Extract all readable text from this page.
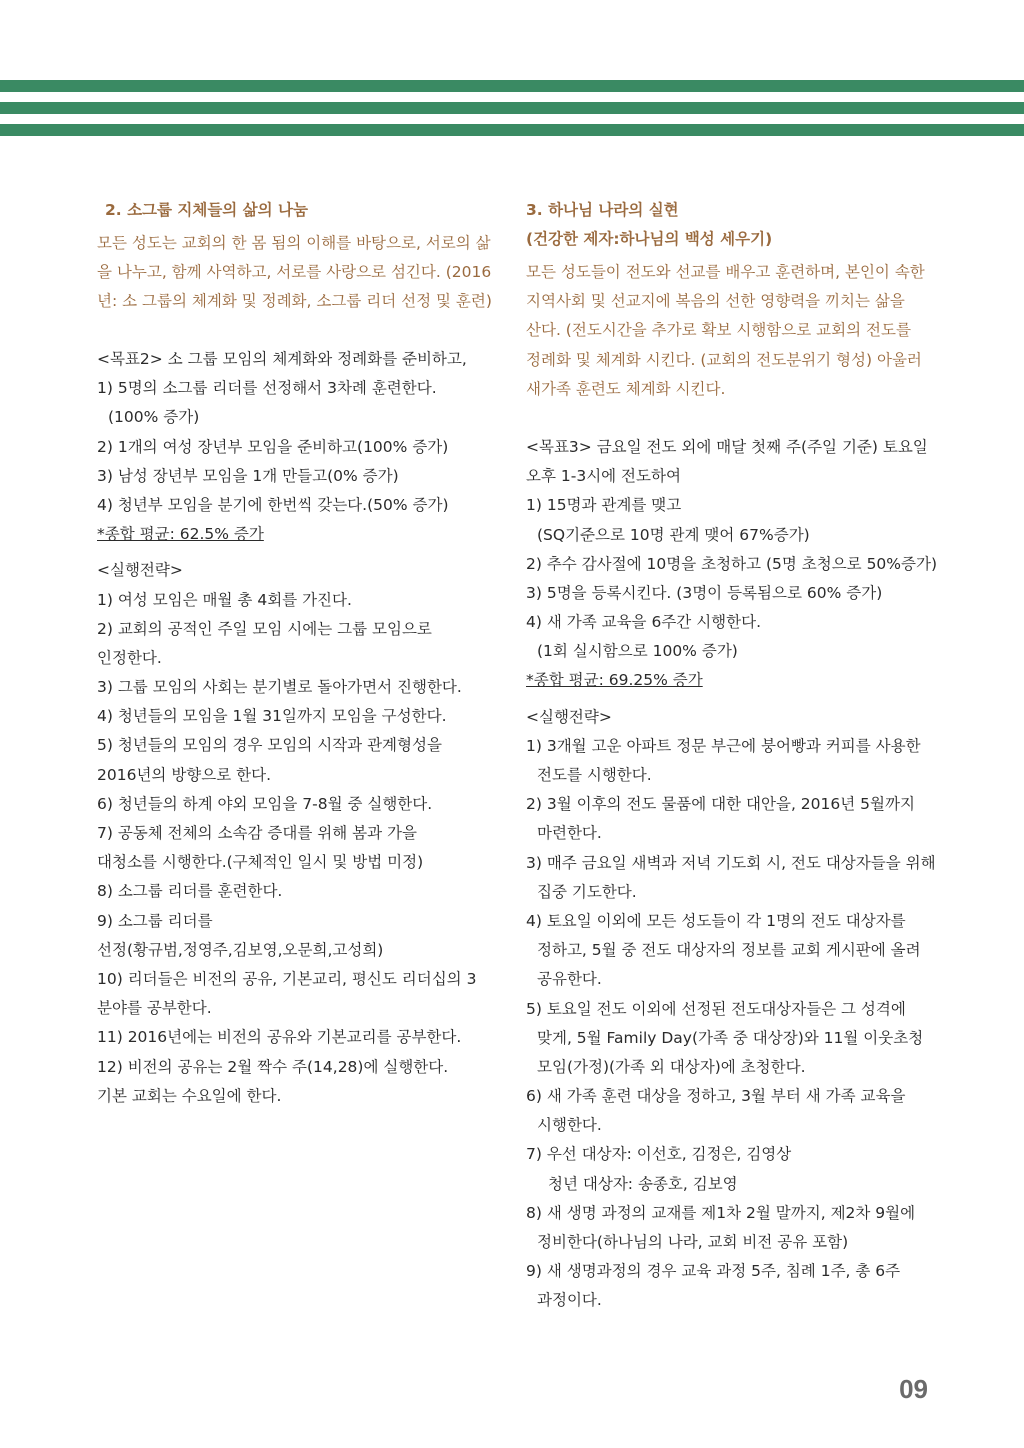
2. 소그룹 지체들의 삶의 나눔

모든 성도는 교회의 한 몸 됨의 이해를 바탕으로, 서로의 삶을 나누고, 함께 사역하고, 서로를 사랑으로 섬긴다. (2016년: 소 그룹의 체계화 및 정례화, 소그룹 리더 선정 및 훈련)

<목표2> 소 그룹 모임의 체계화와 정례화를 준비하고,
1) 5명의 소그룹 리더를 선정해서 3차례 훈련한다.
(100% 증가)
2) 1개의 여성 장년부 모임을 준비하고(100% 증가)
3) 남성 장년부 모임을 1개 만들고(0% 증가)
4) 청년부 모임을 분기에 한번씩 갖는다.(50% 증가)
*종합 평균: 62.5% 증가
<실행전략>
1) 여성 모임은 매월 총 4회를 가진다.
2) 교회의 공적인 주일 모임 시에는 그룹 모임으로
인정한다.
3) 그룹 모임의 사회는 분기별로 돌아가면서 진행한다.
4) 청년들의 모임을 1월 31일까지 모임을 구성한다.
5) 청년들의 모임의 경우 모임의 시작과 관계형성을
2016년의 방향으로 한다.
6) 청년들의 하계 야외 모임을 7-8월 중 실행한다.
7) 공동체 전체의 소속감 증대를 위해 봄과 가을
대청소를 시행한다.(구체적인 일시 및 방법 미정)
8) 소그룹 리더를 훈련한다.
9) 소그룹 리더를
선정(황규범,정영주,김보영,오문희,고성희)
10) 리더들은 비전의 공유, 기본교리, 평신도 리더십의 3
분야를 공부한다.
11) 2016년에는 비전의 공유와 기본교리를 공부한다.
12) 비전의 공유는 2월 짝수 주(14,28)에 실행한다.
기본 교회는 수요일에 한다.
3. 하나님 나라의 실현
(건강한 제자:하나님의 백성 세우기)
모든 성도들이 전도와 선교를 배우고 훈련하며, 본인이 속한
지역사회 및 선교지에 복음의 선한 영향력을 끼치는 삶을
산다. (전도시간을 추가로 확보 시행함으로 교회의 전도를
정례화 및 체계화 시킨다. (교회의 전도분위기 형성) 아울러
새가족 훈련도 체계화 시킨다.
<목표3> 금요일 전도 외에 매달 첫째 주(주일 기준) 토요일
오후 1-3시에 전도하여
1) 15명과 관계를 맺고
(SQ기준으로 10명 관계 맺어 67%증가)
2) 추수 감사절에 10명을 초청하고 (5명 초청으로 50%증가)
3) 5명을 등록시킨다. (3명이 등록됨으로 60% 증가)
4) 새 가족 교육을 6주간 시행한다.
(1회 실시함으로 100% 증가)
*종합 평균: 69.25% 증가
<실행전략>
1) 3개월 고운 아파트 정문 부근에 붕어빵과 커피를 사용한
전도를 시행한다.
2) 3월 이후의 전도 물품에 대한 대안을, 2016년 5월까지
마련한다.
3) 매주 금요일 새벽과 저녁 기도회 시, 전도 대상자들을 위해
집중 기도한다.
4) 토요일 이외에 모든 성도들이 각 1명의 전도 대상자를
정하고, 5월 중 전도 대상자의 정보를 교회 게시판에 올려
공유한다.
5) 토요일 전도 이외에 선정된 전도대상자들은 그 성격에
맞게, 5월 Family Day(가족 중 대상장)와 11월 이웃초청
모임(가정)(가족 외 대상자)에 초청한다.
6) 새 가족 훈련 대상을 정하고, 3월 부터 새 가족 교육을
시행한다.
7) 우선 대상자: 이선호, 김정은, 김영상
청년 대상자: 송종호, 김보영
8) 새 생명 과정의 교재를 제1차 2월 말까지, 제2차 9월에
정비한다(하나님의 나라, 교회 비전 공유 포함)
9) 새 생명과정의 경우 교육 과정 5주, 침례 1주, 총 6주
과정이다.
09
